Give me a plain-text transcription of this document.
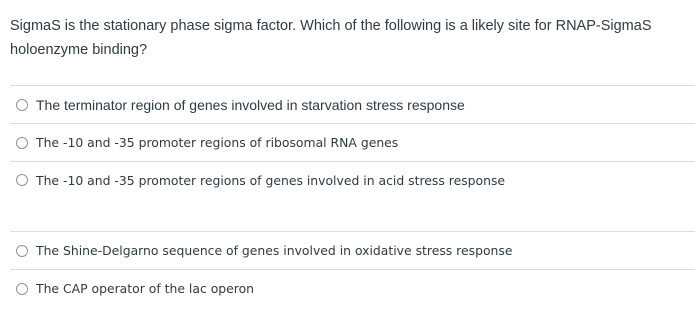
SigmaS is the stationary phase sigma factor. Which of the following is a likely site for RNAP-SigmaS holoenzyme binding?
The terminator region of genes involved in starvation stress response
The -10 and -35 promoter regions of ribosomal RNA genes
The -10 and -35 promoter regions of genes involved in acid stress response
The Shine-Delgarno sequence of genes involved in oxidative stress response
The CAP operator of the lac operon
